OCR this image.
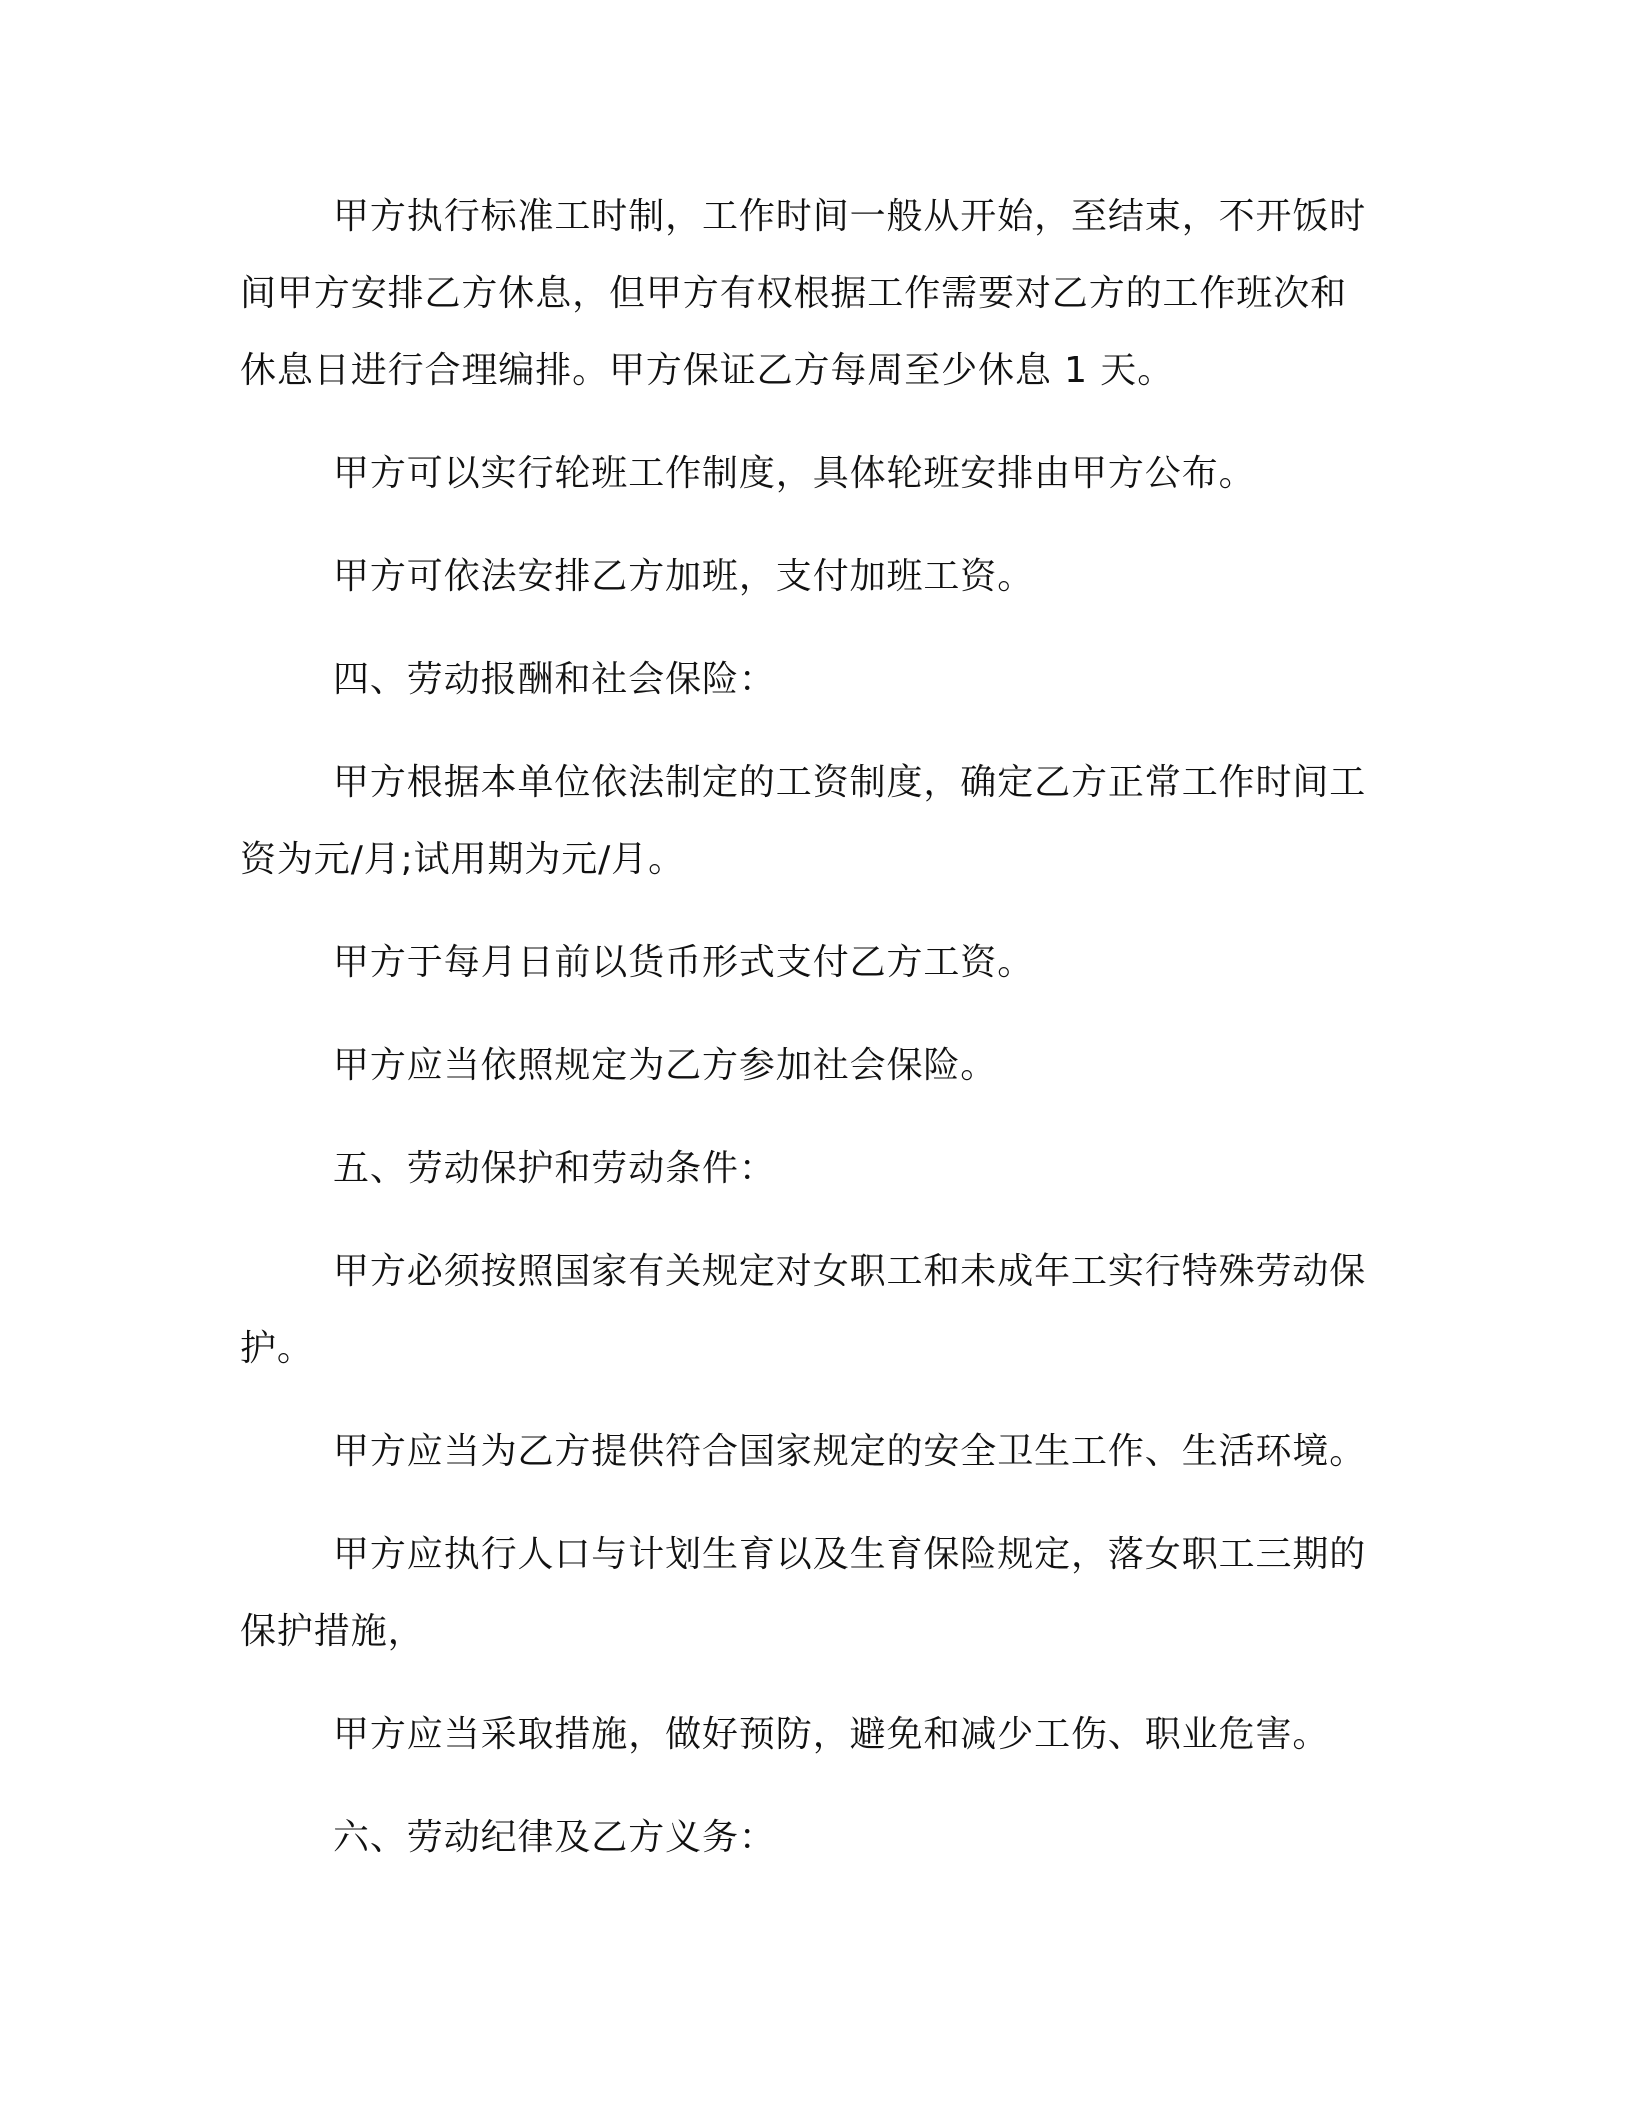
甲方执行标准工时制，工作时间一般从开始，至结束，不开饭时
间甲方安排乙方休息，但甲方有权根据工作需要对乙方的工作班次和
休息日进行合理编排。甲方保证乙方每周至少休息 1 天。
甲方可以实行轮班工作制度，具体轮班安排由甲方公布。
甲方可依法安排乙方加班，支付加班工资。
四、劳动报酬和社会保险：
甲方根据本单位依法制定的工资制度，确定乙方正常工作时间工
资为元/月;试用期为元/月。
甲方于每月日前以货币形式支付乙方工资。
甲方应当依照规定为乙方参加社会保险。
五、劳动保护和劳动条件：
甲方必须按照国家有关规定对女职工和未成年工实行特殊劳动保
护。
甲方应当为乙方提供符合国家规定的安全卫生工作、生活环境。
甲方应执行人口与计划生育以及生育保险规定，落女职工三期的
保护措施，
甲方应当采取措施，做好预防，避免和减少工伤、职业危害。
六、劳动纪律及乙方义务：
